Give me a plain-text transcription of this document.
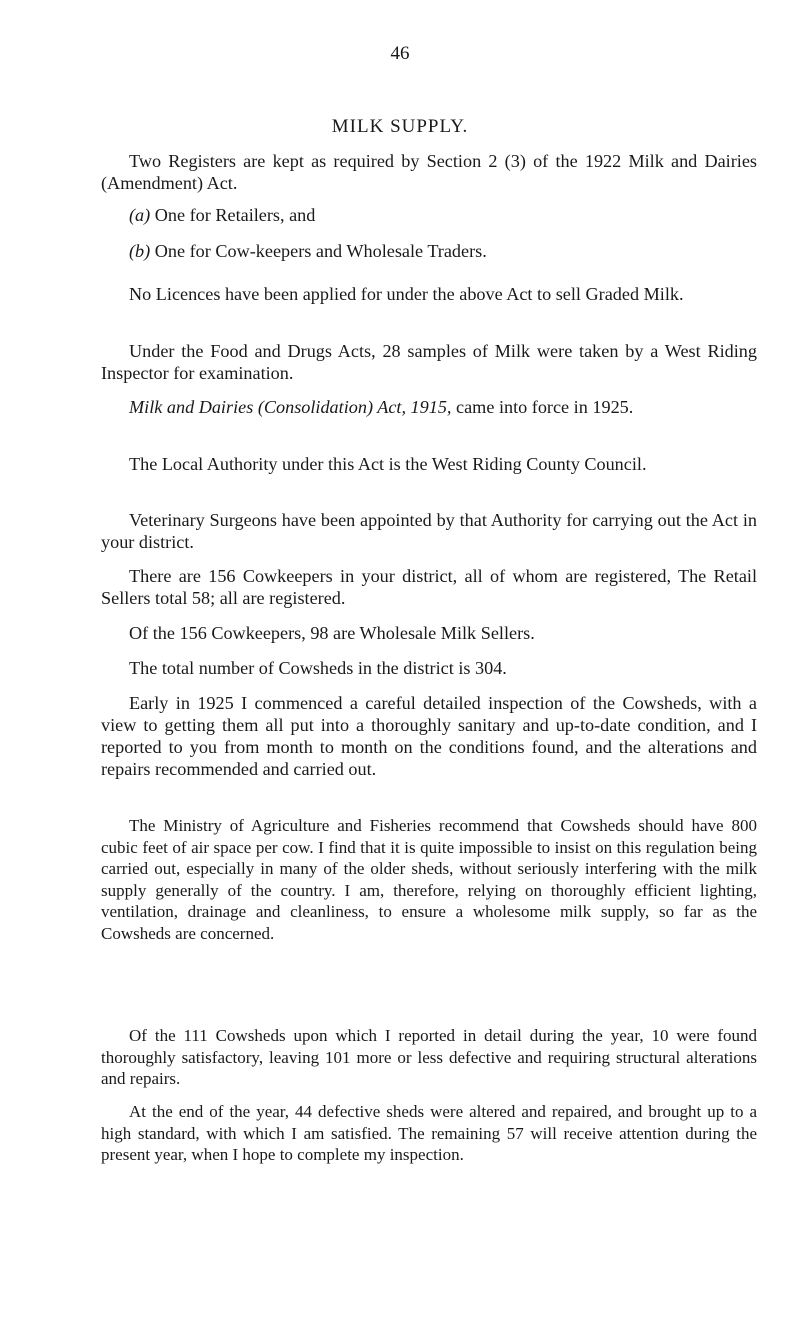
46

MILK SUPPLY.

Two Registers are kept as required by Section 2 (3) of the 1922 Milk and Dairies (Amendment) Act.

(a) One for Retailers, and

(b) One for Cow-keepers and Wholesale Traders.

No Licences have been applied for under the above Act to sell Graded Milk.

Under the Food and Drugs Acts, 28 samples of Milk were taken by a West Riding Inspector for examination.

Milk and Dairies (Consolidation) Act, 1915, came into force in 1925.

The Local Authority under this Act is the West Riding County Council.

Veterinary Surgeons have been appointed by that Authority for carrying out the Act in your district.

There are 156 Cowkeepers in your district, all of whom are registered, The Retail Sellers total 58; all are registered.

Of the 156 Cowkeepers, 98 are Wholesale Milk Sellers.

The total number of Cowsheds in the district is 304.

Early in 1925 I commenced a careful detailed inspection of the Cowsheds, with a view to getting them all put into a thoroughly sanitary and up-to-date condition, and I reported to you from month to month on the conditions found, and the alterations and repairs recommended and carried out.

The Ministry of Agriculture and Fisheries recommend that Cowsheds should have 800 cubic feet of air space per cow. I find that it is quite impossible to insist on this regulation being carried out, especially in many of the older sheds, without seriously interfering with the milk supply generally of the country. I am, therefore, relying on thoroughly efficient lighting, ventilation, drainage and cleanliness, to ensure a wholesome milk supply, so far as the Cowsheds are concerned.

Of the 111 Cowsheds upon which I reported in detail during the year, 10 were found thoroughly satisfactory, leaving 101 more or less defective and requiring structural alterations and repairs.

At the end of the year, 44 defective sheds were altered and repaired, and brought up to a high standard, with which I am satisfied. The remaining 57 will receive attention during the present year, when I hope to complete my inspection.
